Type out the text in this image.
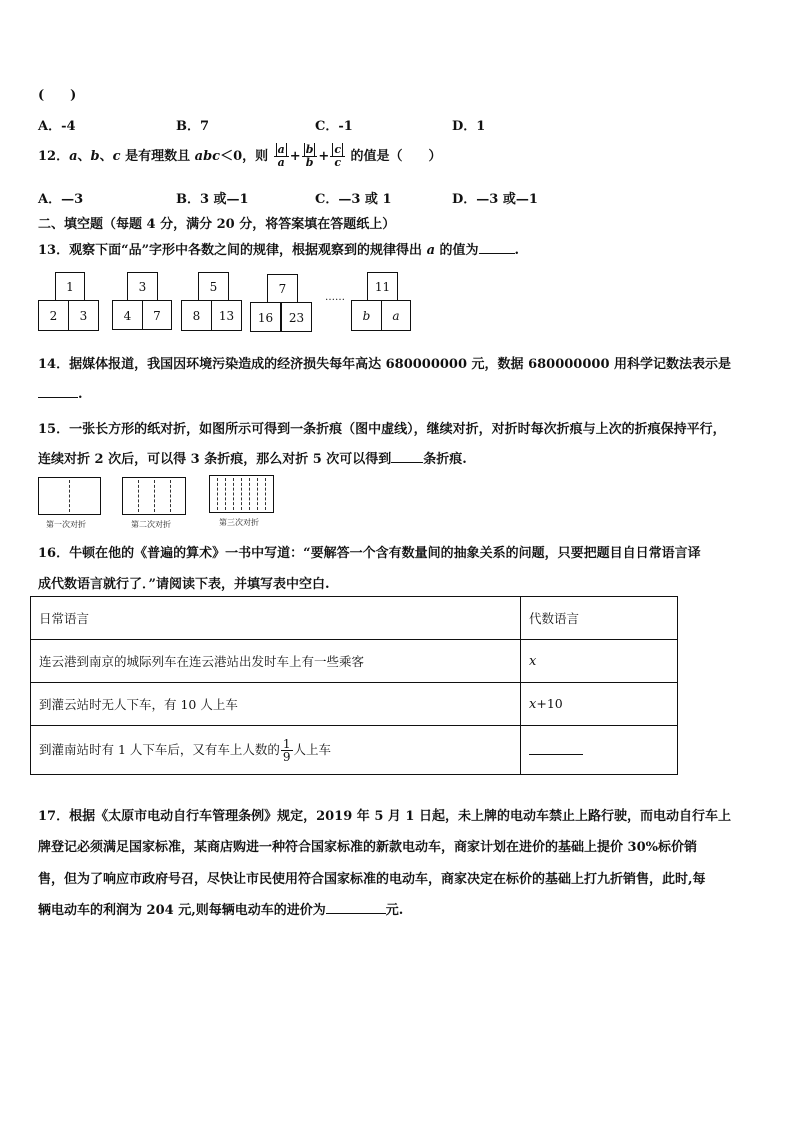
(　　)
A．-4	B．7	C．-1	D．1
12．a、b、c 是有理数且 abc＜0，则 $\frac{a}{a} + \frac{b}{b} + \frac{c}{c}$ 的值是（　　）
A．—3	B．3 或—1	C．—3 或 1	D．—3 或—1
二、填空题（每题 4 分，满分 20 分，将答案填在答题纸上）
13．观察下面“品”字形中各数之间的规律，根据观察到的规律得出 a 的值为	.
1
2	3
3
4	7
5
8	13
7
16	23
……
11
b	a
14．据媒体报道，我国因环境污染造成的经济损失每年高达 680000000 元，数据 680000000 用科学记数法表示是
.
15．一张长方形的纸对折，如图所示可得到一条折痕（图中虚线），继续对折，对折时每次折痕与上次的折痕保持平行，
连续对折 2 次后，可以得 3 条折痕，那么对折 5 次可以得到 条折痕.
第一次对折	第二次对折	第三次对折
16．牛顿在他的《普遍的算术》一书中写道：“要解答一个含有数量间的抽象关系的问题，只要把题目自日常语言译
成代数语言就行了．”请阅读下表，并填写表中空白.
日常语言	代数语言
连云港到南京的城际列车在连云港站出发时车上有一些乘客	x
到灌云站时无人下车，有 10 人上车	x+10
到灌南站时有 1 人下车后，又有车上人数的 $\frac{1}{9}$ 人上车	
17．根据《太原市电动自行车管理条例》规定，2019 年 5 月 1 日起，未上牌的电动车禁止上路行驶，而电动自行车上
牌登记必须满足国家标准，某商店购进一种符合国家标准的新款电动车，商家计划在进价的基础上提价 30%标价销
售，但为了响应市政府号召，尽快让市民使用符合国家标准的电动车，商家决定在标价的基础上打九折销售，此时,每
辆电动车的利润为 204 元,则每辆电动车的进价为	元.
